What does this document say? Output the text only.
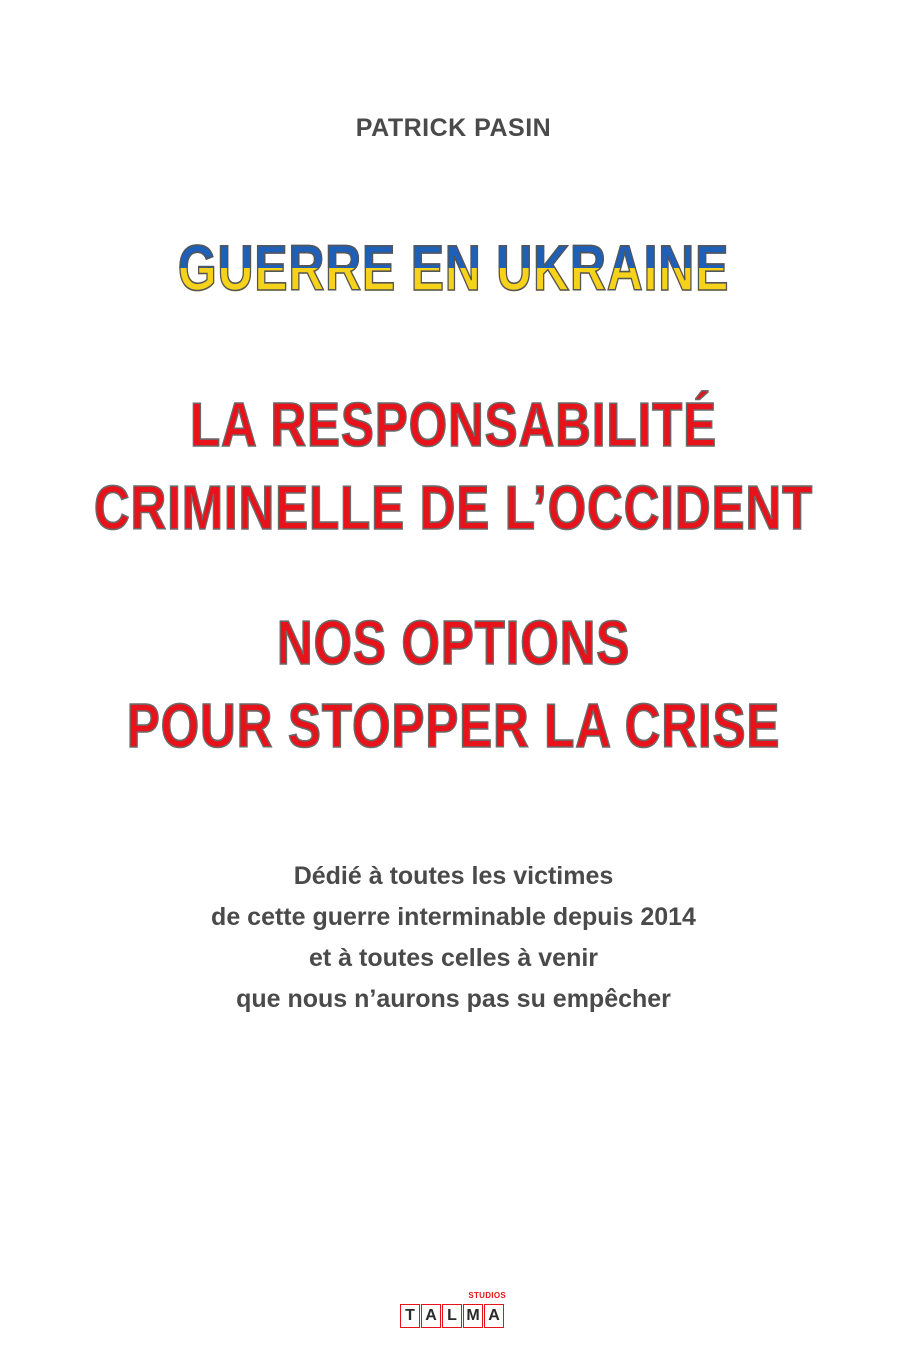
PATRICK PASIN
GUERRE EN UKRAINE
LA RESPONSABILITÉ
CRIMINELLE DE L’OCCIDENT
NOS OPTIONS
POUR STOPPER LA CRISE
Dédié à toutes les victimes
de cette guerre interminable depuis 2014
et à toutes celles à venir
que nous n’aurons pas su empêcher
STUDIOS
T A L M A
